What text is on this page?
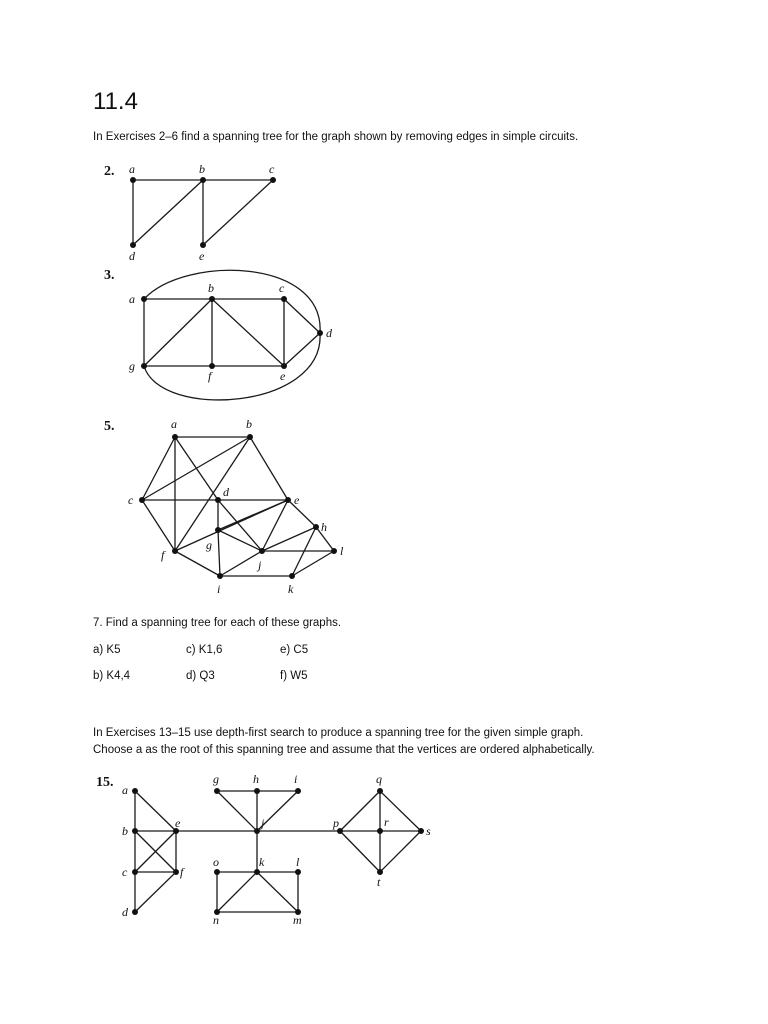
11.4

In Exercises 2–6 find a spanning tree for the graph shown by removing edges in simple circuits.

2. a	b	c
d	e
3.
a
b	c
d
e
f
g
5.	a	b
c
d
e
f
g
h
i
j
k
l

7. Find a spanning tree for each of these graphs.

a) K5	c) K1,6	e) C5
b) K4,4	d) Q3	f) W5

In Exercises 13–15 use depth-first search to produce a spanning tree for the given simple graph.

Choose a as the root of this spanning tree and assume that the vertices are ordered alphabetically.

15. a
b
c
d
e
f
g	h	i
j
k	l
m
n
o
p
q
r
s
t
